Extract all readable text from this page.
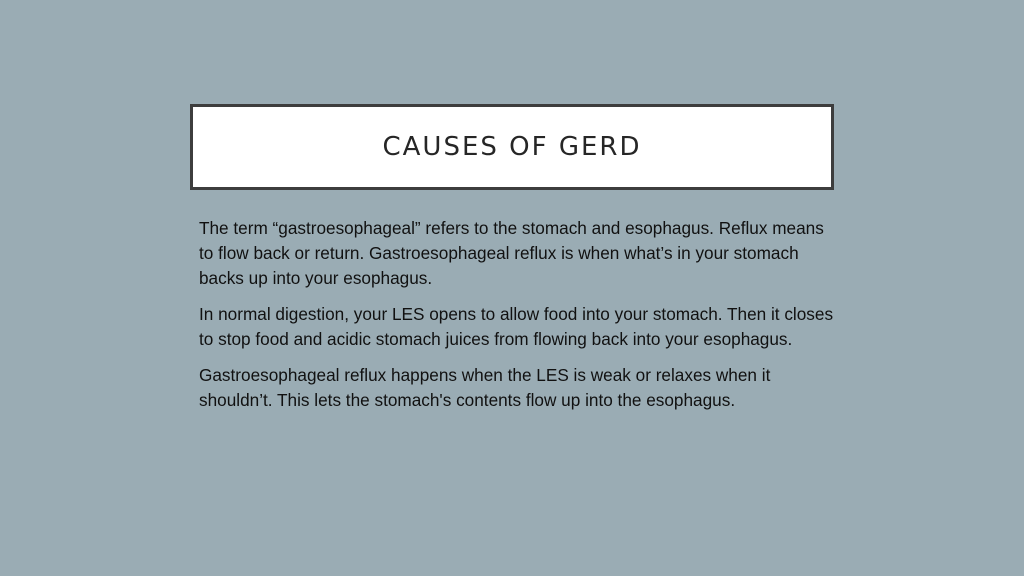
CAUSES OF GERD

The term “gastroesophageal” refers to the stomach and esophagus. Reflux means to flow back or return. Gastroesophageal reflux is when what’s in your stomach backs up into your esophagus.

In normal digestion, your LES opens to allow food into your stomach. Then it closes to stop food and acidic stomach juices from flowing back into your esophagus.

Gastroesophageal reflux happens when the LES is weak or relaxes when it shouldn’t. This lets the stomach's contents flow up into the esophagus.
